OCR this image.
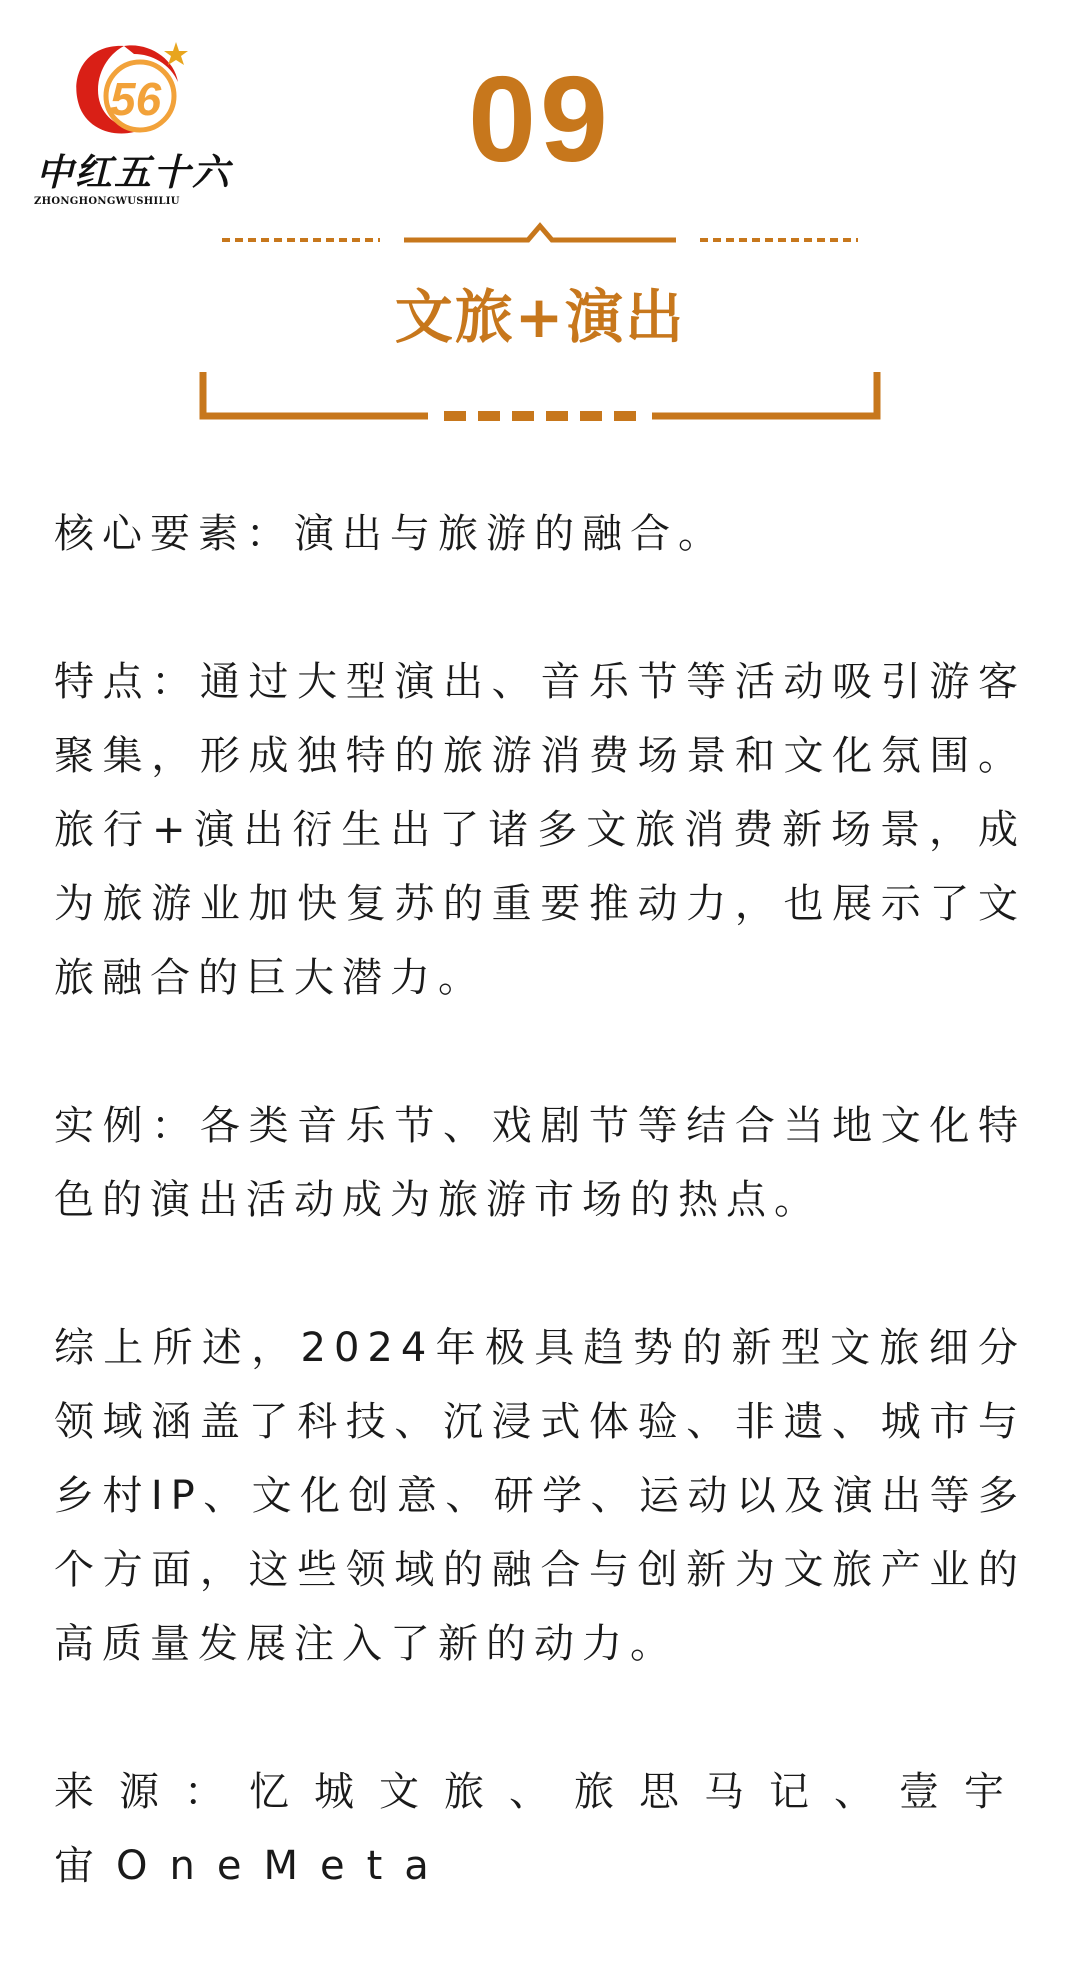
56
中红五十六
ZHONGHONGWUSHILIU
09
文旅+演出

核心要素：演出与旅游的融合。

特点：通过大型演出、音乐节等活动吸引游客聚集，形成独特的旅游消费场景和文化氛围。旅行+演出衍生出了诸多文旅消费新场景，成为旅游业加快复苏的重要推动力，也展示了文旅融合的巨大潜力。

实例：各类音乐节、戏剧节等结合当地文化特色的演出活动成为旅游市场的热点。

综上所述，2024年极具趋势的新型文旅细分领域涵盖了科技、沉浸式体验、非遗、城市与乡村IP、文化创意、研学、运动以及演出等多个方面，这些领域的融合与创新为文旅产业的高质量发展注入了新的动力。

来源：忆城文旅、旅思马记、壹宇宙OneMeta
